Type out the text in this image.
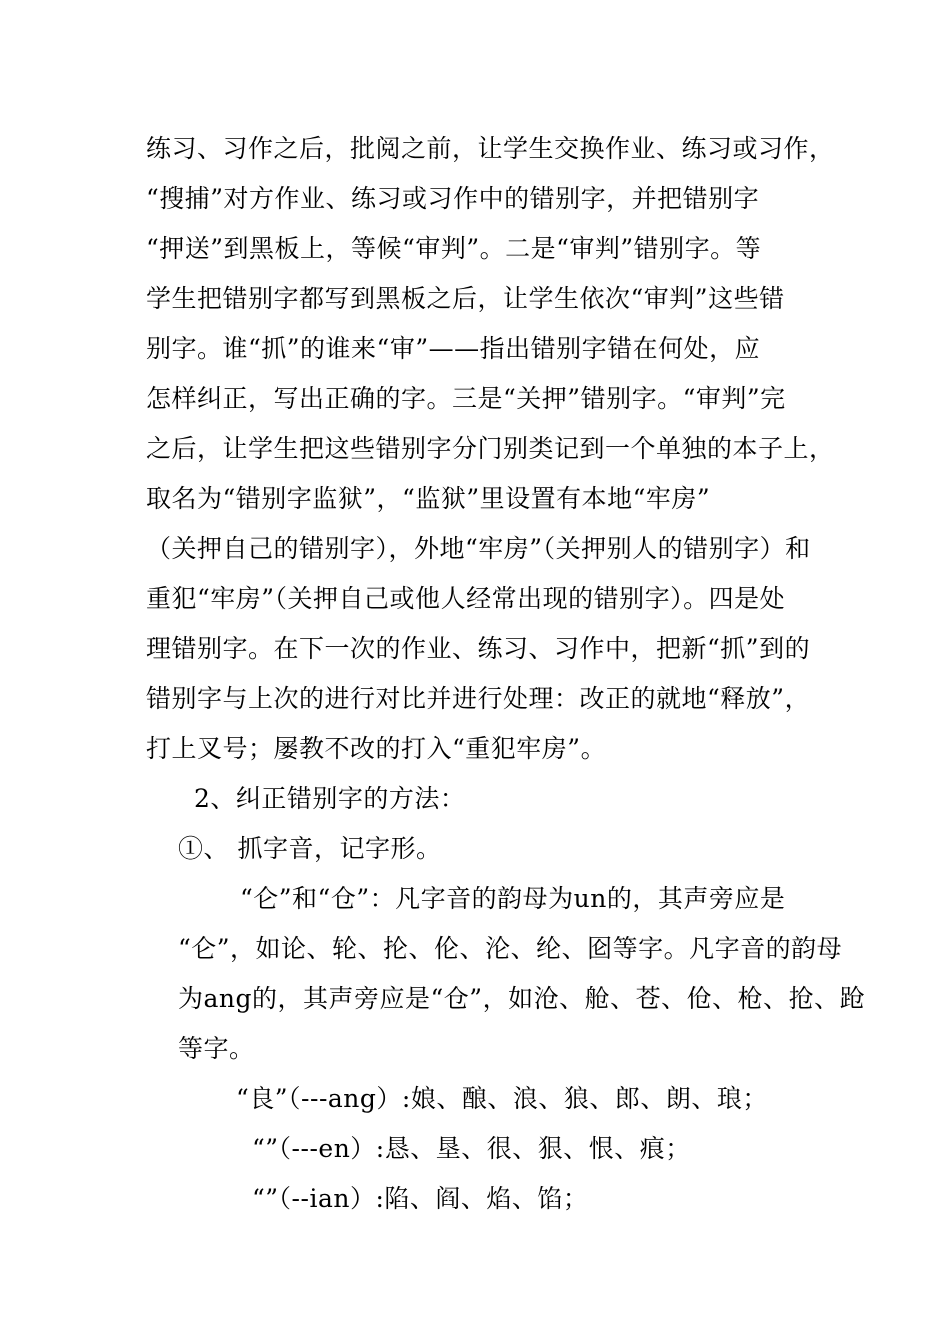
练习、习作之后，批阅之前，让学生交换作业、练习或习作，
“搜捕”对方作业、练习或习作中的错别字，并把错别字
“押送”到黑板上，等候“审判”。二是“审判”错别字。等
学生把错别字都写到黑板之后，让学生依次“审判”这些错
别字。谁“抓”的谁来“审”——指出错别字错在何处，应
怎样纠正，写出正确的字。三是“关押”错别字。“审判”完
之后，让学生把这些错别字分门别类记到一个单独的本子上，
取名为“错别字监狱”，“监狱”里设置有本地“牢房”
（关押自己的错别字），外地“牢房”（关押别人的错别字）和
重犯“牢房”（关押自己或他人经常出现的错别字）。四是处
理错别字。在下一次的作业、练习、习作中，把新“抓”到的
错别字与上次的进行对比并进行处理：改正的就地“释放”，
打上叉号；屡教不改的打入“重犯牢房”。
2、纠正错别字的方法：
①、 抓字音，记字形。
“仑”和“仓”：凡字音的韵母为un的，其声旁应是
“仑”，如论、轮、抡、伦、沦、纶、囵等字。凡字音的韵母
为ang的，其声旁应是“仓”，如沧、舱、苍、伧、枪、抢、跄
等字。
“良”（---ang）:娘、酿、浪、狼、郎、朗、琅；
“”（---en）:恳、垦、很、狠、恨、痕；
“”（--ian）:陷、阎、焰、馅；
